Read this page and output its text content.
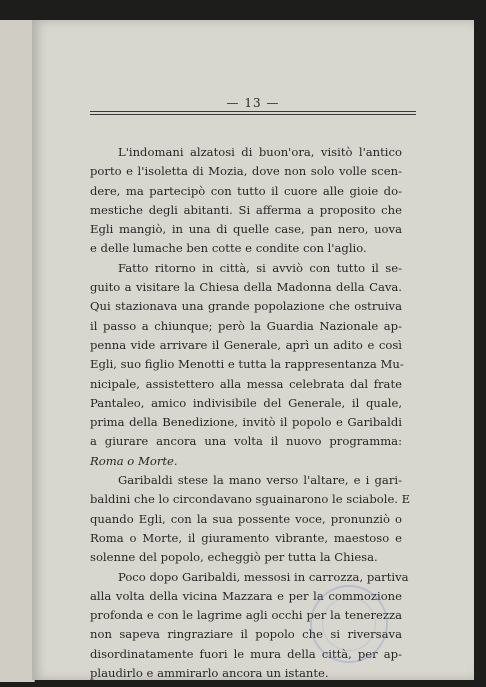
— 13 —
L'indomani alzatosi di buon'ora, visitò l'antico
porto e l'isoletta di Mozia, dove non solo volle scen-
dere, ma partecipò con tutto il cuore alle gioie do-
mestiche degli abitanti. Si afferma a proposito che
Egli mangiò, in una di quelle case, pan nero, uova
e delle lumache ben cotte e condite con l'aglio.
Fatto ritorno in città, si avviò con tutto il se-
guito a visitare la Chiesa della Madonna della Cava.
Qui stazionava una grande popolazione che ostruiva
il passo a chiunque; però la Guardia Nazionale ap-
penna vide arrivare il Generale, aprì un adito e così
Egli, suo figlio Menotti e tutta la rappresentanza Mu-
nicipale, assistettero alla messa celebrata dal frate
Pantaleo, amico indivisibile del Generale, il quale,
prima della Benedizione, invitò il popolo e Garibaldi
a giurare ancora una volta il nuovo programma:
Roma o Morte.
Garibaldi stese la mano verso l'altare, e i gari-
baldini che lo circondavano sguainarono le sciabole. E
quando Egli, con la sua possente voce, pronunziò o
Roma o Morte, il giuramento vibrante, maestoso e
solenne del popolo, echeggiò per tutta la Chiesa.
Poco dopo Garibaldi, messosi in carrozza, partiva
alla volta della vicina Mazzara e per la commozione
profonda e con le lagrime agli occhi per la tenerezza
non sapeva ringraziare il popolo che si riversava
disordinatamente fuori le mura della città, per ap-
plaudirlo e ammirarlo ancora un istante.
